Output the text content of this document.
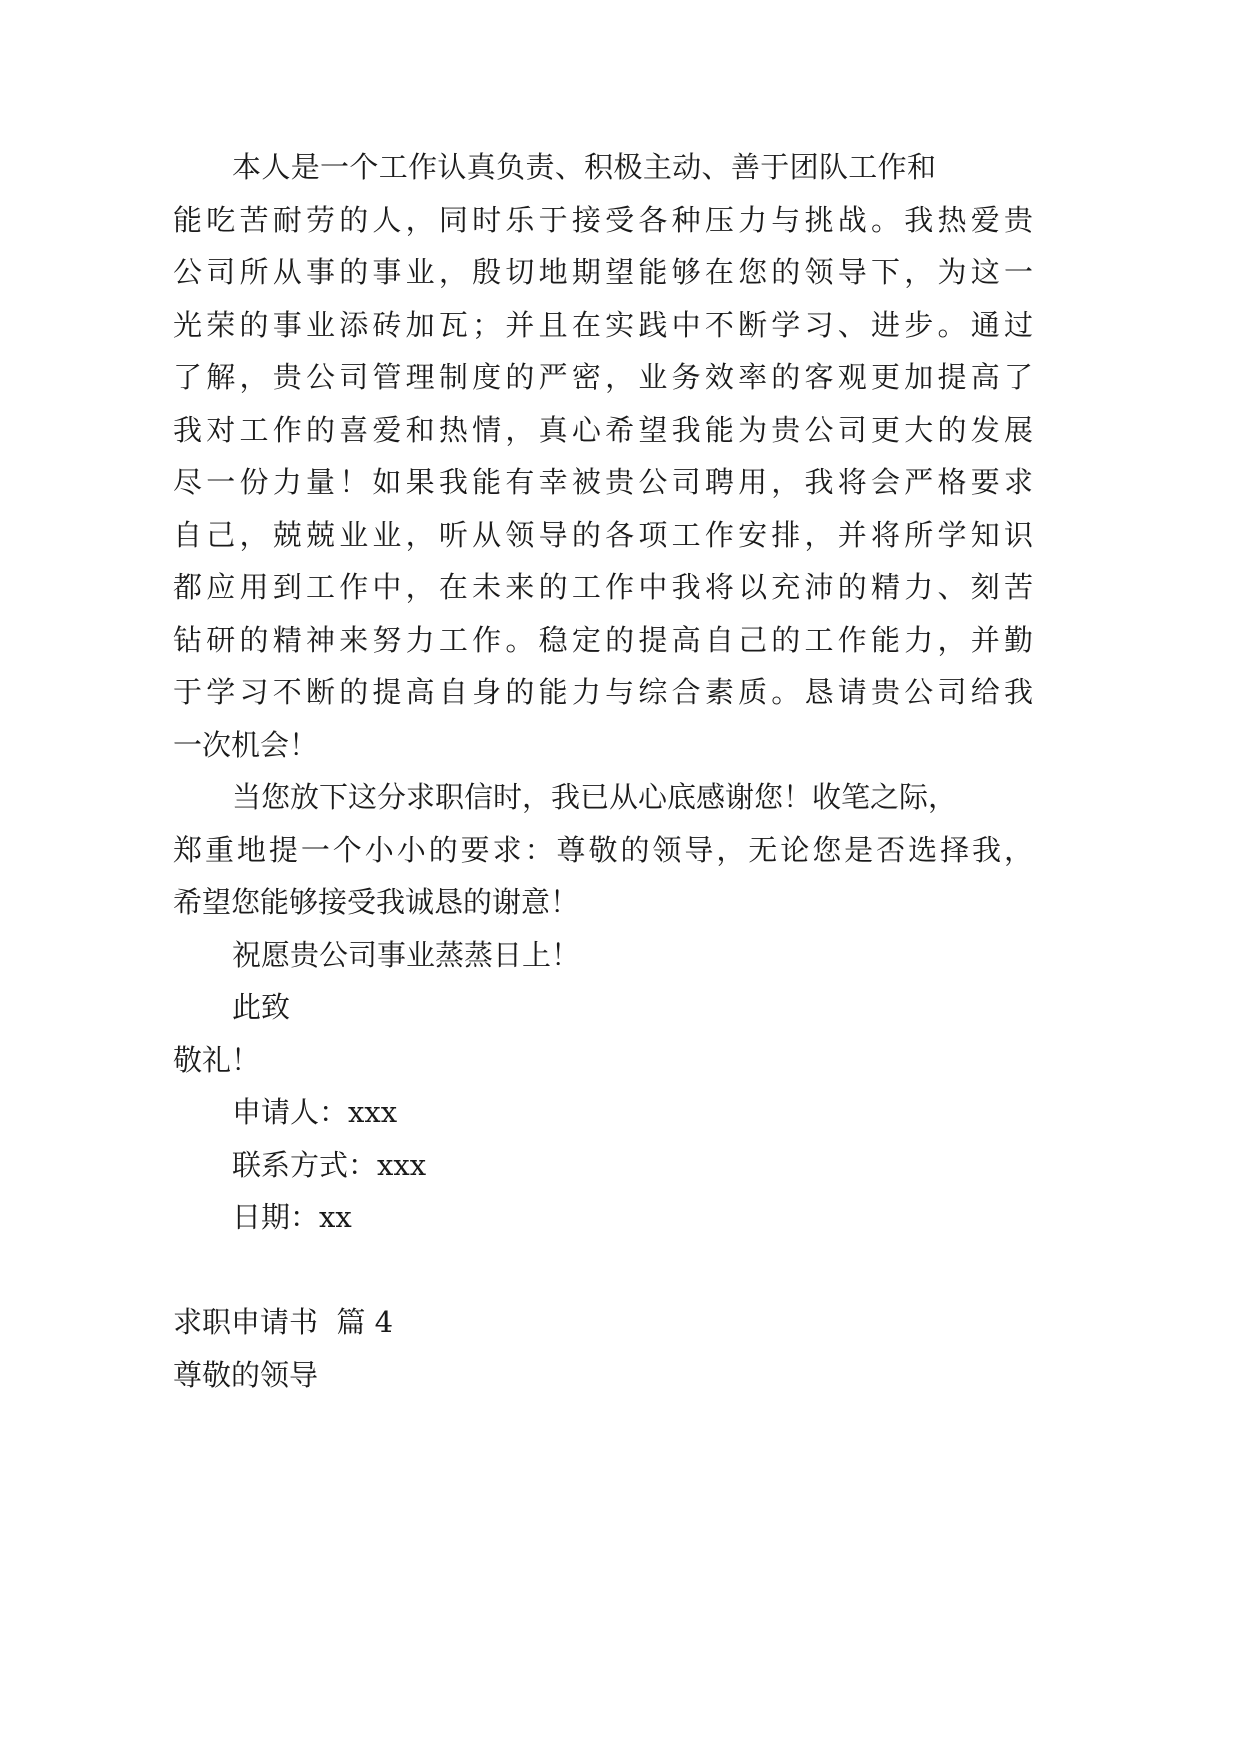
本人是一个工作认真负责、积极主动、善于团队工作和
能吃苦耐劳的人，同时乐于接受各种压力与挑战。我热爱贵
公司所从事的事业，殷切地期望能够在您的领导下，为这一
光荣的事业添砖加瓦；并且在实践中不断学习、进步。通过
了解，贵公司管理制度的严密，业务效率的客观更加提高了
我对工作的喜爱和热情，真心希望我能为贵公司更大的发展
尽一份力量！如果我能有幸被贵公司聘用，我将会严格要求
自己，兢兢业业，听从领导的各项工作安排，并将所学知识
都应用到工作中，在未来的工作中我将以充沛的精力、刻苦
钻研的精神来努力工作。稳定的提高自己的工作能力，并勤
于学习不断的提高自身的能力与综合素质。恳请贵公司给我
一次机会！
当您放下这分求职信时，我已从心底感谢您！收笔之际，
郑重地提一个小小的要求：尊敬的领导，无论您是否选择我，
希望您能够接受我诚恳的谢意！
祝愿贵公司事业蒸蒸日上！
此致
敬礼！
申请人：xxx
联系方式：xxx
日期：xx
求职申请书  篇 4
尊敬的领导
